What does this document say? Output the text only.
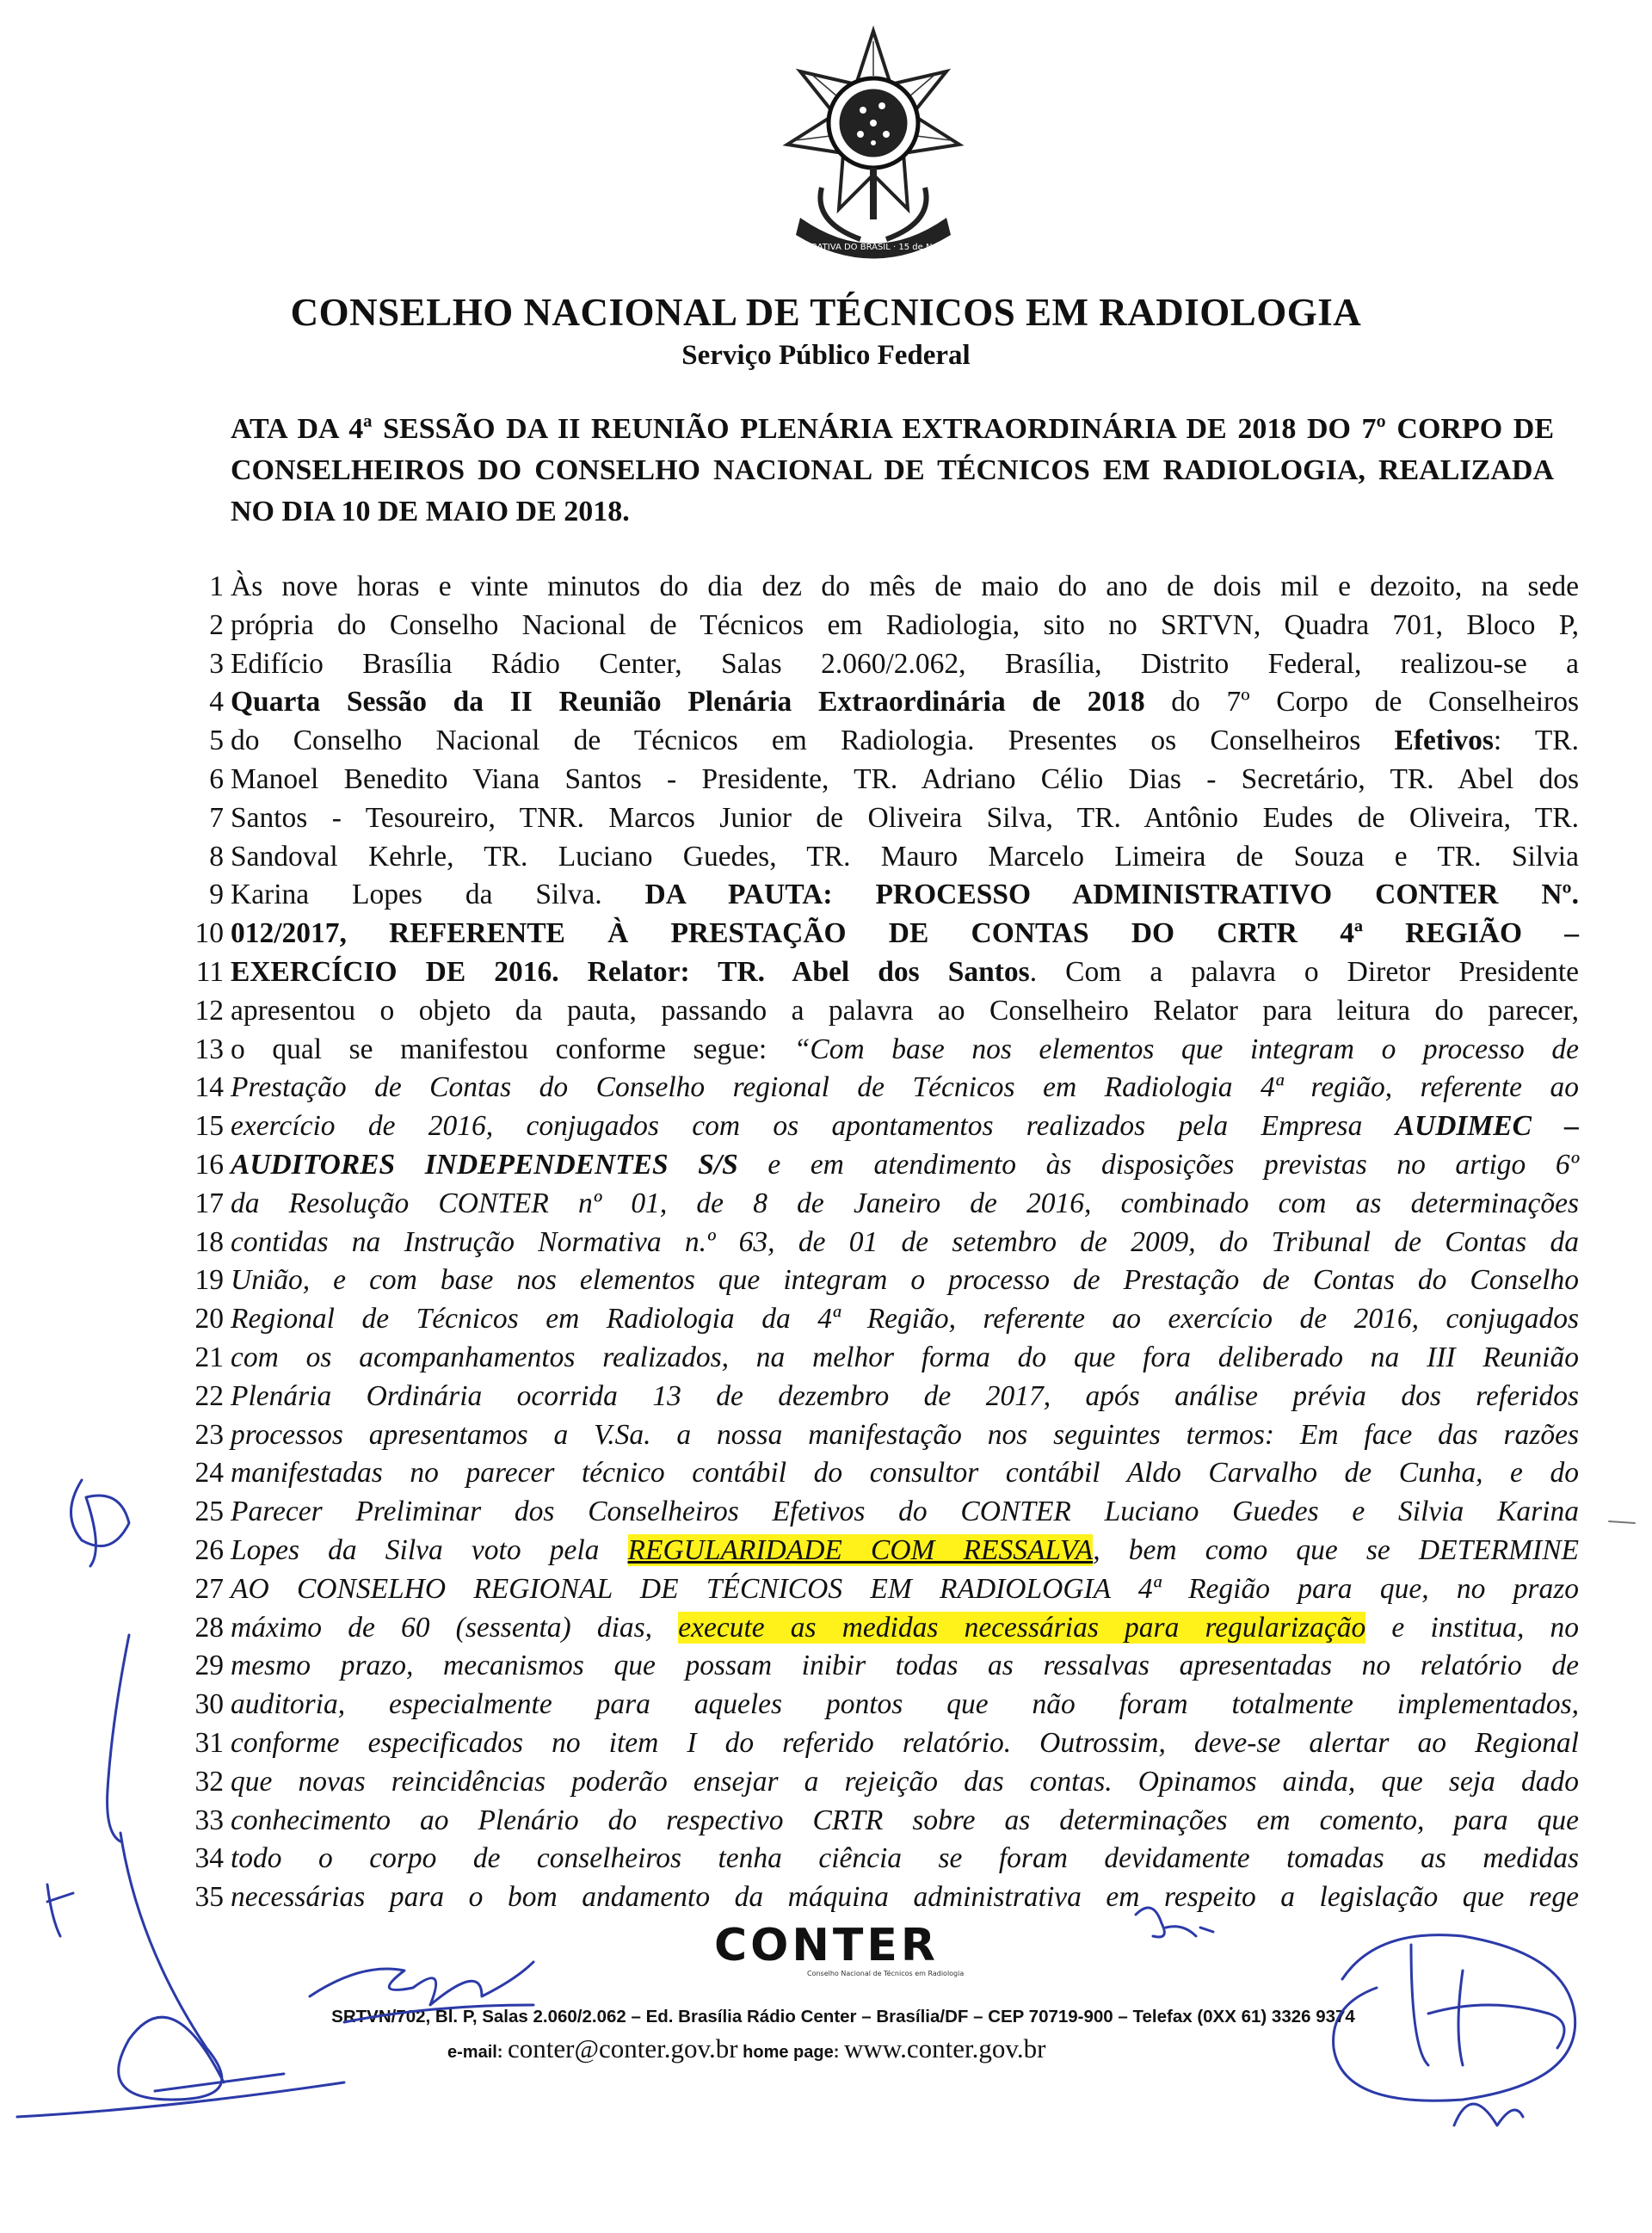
REPÚBLICA FEDERATIVA DO BRASIL · 15 de Novembro de 1889

CONSELHO NACIONAL DE TÉCNICOS EM RADIOLOGIA

Serviço Público Federal

ATA DA 4ª SESSÃO DA II REUNIÃO PLENÁRIA EXTRAORDINÁRIA DE 2018 DO 7º CORPO DE CONSELHEIROS DO CONSELHO NACIONAL DE TÉCNICOS EM RADIOLOGIA, REALIZADA NO DIA 10 DE MAIO DE 2018.

1 Às nove horas e vinte minutos do dia dez do mês de maio do ano de dois mil e dezoito, na sede
2 própria do Conselho Nacional de Técnicos em Radiologia, sito no SRTVN, Quadra 701, Bloco P,
3 Edifício Brasília Rádio Center, Salas 2.060/2.062, Brasília, Distrito Federal, realizou-se a
4 Quarta Sessão da II Reunião Plenária Extraordinária de 2018 do 7º Corpo de Conselheiros
5 do Conselho Nacional de Técnicos em Radiologia. Presentes os Conselheiros Efetivos: TR.
6 Manoel Benedito Viana Santos - Presidente, TR. Adriano Célio Dias - Secretário, TR. Abel dos
7 Santos - Tesoureiro, TNR. Marcos Junior de Oliveira Silva, TR. Antônio Eudes de Oliveira, TR.
8 Sandoval Kehrle, TR. Luciano Guedes, TR. Mauro Marcelo Limeira de Souza e TR. Silvia
9 Karina Lopes da Silva. DA PAUTA: PROCESSO ADMINISTRATIVO CONTER Nº.
10 012/2017, REFERENTE À PRESTAÇÃO DE CONTAS DO CRTR 4ª REGIÃO –
11 EXERCÍCIO DE 2016. Relator: TR. Abel dos Santos. Com a palavra o Diretor Presidente
12 apresentou o objeto da pauta, passando a palavra ao Conselheiro Relator para leitura do parecer,
13 o qual se manifestou conforme segue: “Com base nos elementos que integram o processo de
14 Prestação de Contas do Conselho regional de Técnicos em Radiologia 4ª região, referente ao
15 exercício de 2016, conjugados com os apontamentos realizados pela Empresa AUDIMEC –
16 AUDITORES INDEPENDENTES S/S e em atendimento às disposições previstas no artigo 6º
17 da Resolução CONTER nº 01, de 8 de Janeiro de 2016, combinado com as determinações
18 contidas na Instrução Normativa n.º 63, de 01 de setembro de 2009, do Tribunal de Contas da
19 União, e com base nos elementos que integram o processo de Prestação de Contas do Conselho
20 Regional de Técnicos em Radiologia da 4ª Região, referente ao exercício de 2016, conjugados
21 com os acompanhamentos realizados, na melhor forma do que fora deliberado na III Reunião
22 Plenária Ordinária ocorrida 13 de dezembro de 2017, após análise prévia dos referidos
23 processos apresentamos a V.Sa. a nossa manifestação nos seguintes termos: Em face das razões
24 manifestadas no parecer técnico contábil do consultor contábil Aldo Carvalho de Cunha, e do
25 Parecer Preliminar dos Conselheiros Efetivos do CONTER Luciano Guedes e Silvia Karina
26 Lopes da Silva voto pela REGULARIDADE COM RESSALVA, bem como que se DETERMINE
27 AO CONSELHO REGIONAL DE TÉCNICOS EM RADIOLOGIA 4ª Região para que, no prazo
28 máximo de 60 (sessenta) dias, execute as medidas necessárias para regularização e institua, no
29 mesmo prazo, mecanismos que possam inibir todas as ressalvas apresentadas no relatório de
30 auditoria, especialmente para aqueles pontos que não foram totalmente implementados,
31 conforme especificados no item I do referido relatório. Outrossim, deve-se alertar ao Regional
32 que novas reincidências poderão ensejar a rejeição das contas. Opinamos ainda, que seja dado
33 conhecimento ao Plenário do respectivo CRTR sobre as determinações em comento, para que
34 todo o corpo de conselheiros tenha ciência se foram devidamente tomadas as medidas
35 necessárias para o bom andamento da máquina administrativa em respeito a legislação que rege
CONTER
Conselho Nacional de Técnicos em Radiologia
SRTVN/702, Bl. P, Salas 2.060/2.062 – Ed. Brasília Rádio Center – Brasília/DF – CEP 70719-900 – Telefax (0XX 61) 3326 9374
e-mail: conter@conter.gov.br home page: www.conter.gov.br
